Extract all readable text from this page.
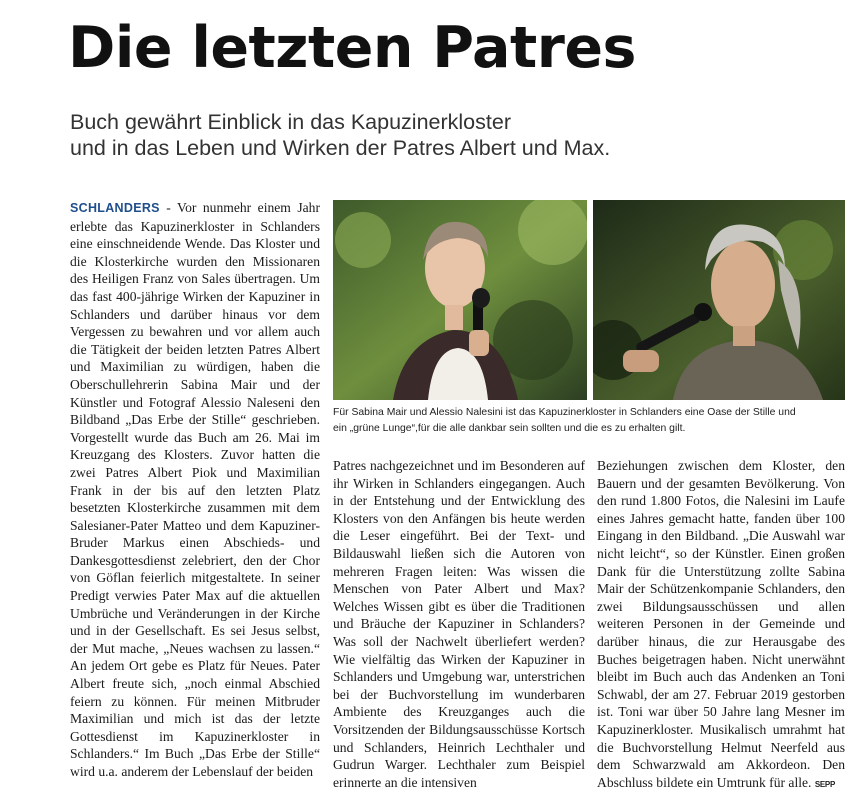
Die letzten Patres
Buch gewährt Einblick in das Kapuzinerkloster
und in das Leben und Wirken der Patres Albert und Max.
SCHLANDERS - Vor nunmehr einem Jahr erlebte das Kapuzinerkloster in Schlanders eine einschneidende Wende. Das Kloster und die Klosterkirche wurden den Missionaren des Heiligen Franz von Sales übertragen. Um das fast 400-jährige Wirken der Kapuziner in Schlanders und darüber hinaus vor dem Vergessen zu bewahren und vor allem auch die Tätigkeit der beiden letzten Patres Albert und Maximilian zu würdigen, haben die Oberschullehrerin Sabina Mair und der Künstler und Fotograf Alessio Naleseni den Bildband „Das Erbe der Stille“ geschrieben. Vorgestellt wurde das Buch am 26. Mai im Kreuzgang des Klosters. Zuvor hatten die zwei Patres Albert Piok und Maximilian Frank in der bis auf den letzten Platz besetzten Klosterkirche zusammen mit dem Salesianer-Pater Matteo und dem Kapuziner-Bruder Markus einen Abschieds- und Dankesgottesdienst zelebriert, den der Chor von Göflan feierlich mitgestaltete. In seiner Predigt verwies Pater Max auf die aktuellen Umbrüche und Veränderungen in der Kirche und in der Gesellschaft. Es sei Jesus selbst, der Mut mache, „Neues wachsen zu lassen.“ An jedem Ort gebe es Platz für Neues. Pater Albert freute sich, „noch einmal Abschied feiern zu können. Für meinen Mitbruder Maximilian und mich ist das der letzte Gottesdienst im Kapuzinerkloster in Schlanders.“ Im Buch „Das Erbe der Stille“ wird u.a. anderem der Lebenslauf der beiden
Für Sabina Mair und Alessio Nalesini ist das Kapuzinerkloster in Schlanders eine Oase der Stille und
ein „grüne Lunge“,für die alle dankbar sein sollten und die es zu erhalten gilt.
Patres nachgezeichnet und im Besonderen auf ihr Wirken in Schlanders eingegangen. Auch in der Entstehung und der Entwicklung des Klosters von den Anfängen bis heute werden die Leser eingeführt. Bei der Text- und Bildauswahl ließen sich die Autoren von mehreren Fragen leiten: Was wissen die Menschen von Pater Albert und Max? Welches Wissen gibt es über die Traditionen und Bräuche der Kapuziner in Schlanders? Was soll der Nachwelt überliefert werden? Wie vielfältig das Wirken der Kapuziner in Schlanders und Umgebung war, unterstrichen bei der Buchvorstellung im wunderbaren Ambiente des Kreuzganges auch die Vorsitzenden der Bildungsausschüsse Kortsch und Schlanders, Heinrich Lechthaler und Gudrun Warger. Lechthaler zum Beispiel erinnerte an die intensiven
Beziehungen zwischen dem Kloster, den Bauern und der gesamten Bevölkerung. Von den rund 1.800 Fotos, die Nalesini im Laufe eines Jahres gemacht hatte, fanden über 100 Eingang in den Bildband. „Die Auswahl war nicht leicht“, so der Künstler. Einen großen Dank für die Unterstützung zollte Sabina Mair der Schützenkompanie Schlanders, den zwei Bildungsausschüssen und allen weiteren Personen in der Gemeinde und darüber hinaus, die zur Herausgabe des Buches beigetragen haben. Nicht unerwähnt bleibt im Buch auch das Andenken an Toni Schwabl, der am 27. Februar 2019 gestorben ist. Toni war über 50 Jahre lang Mesner im Kapuzinerkloster. Musikalisch umrahmt hat die Buchvorstellung Helmut Neerfeld aus dem Schwarzwald am Akkordeon. Den Abschluss bildete ein Umtrunk für alle. SEPP
